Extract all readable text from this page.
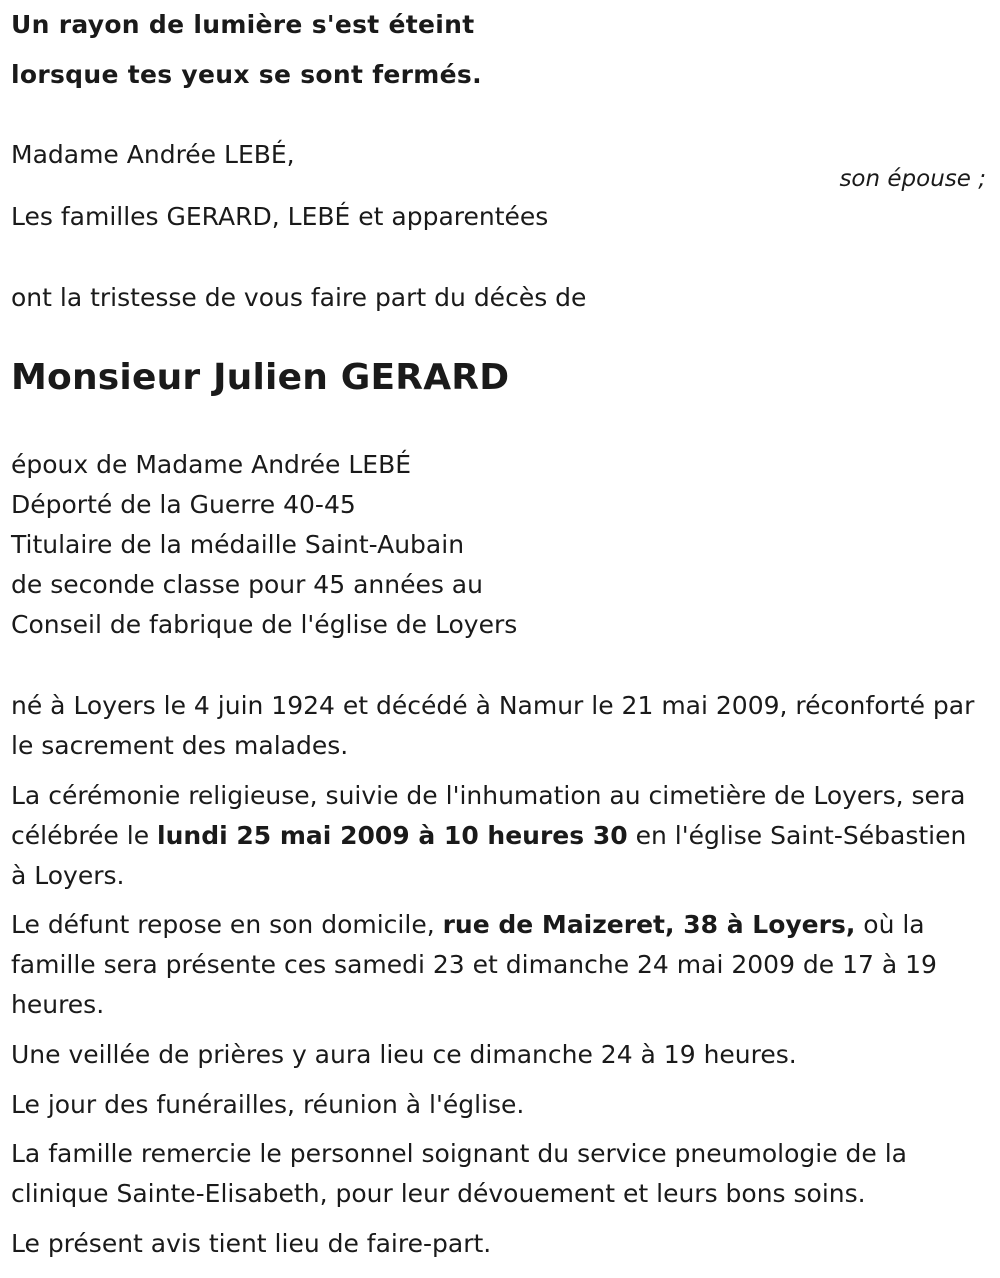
Un rayon de lumière s'est éteint
lorsque tes yeux se sont fermés.
Madame Andrée LEBÉ,
son épouse ;
Les familles GERARD, LEBÉ et apparentées
ont la tristesse de vous faire part du décès de
Monsieur Julien GERARD
époux de Madame Andrée LEBÉ
Déporté de la Guerre 40-45
Titulaire de la médaille Saint-Aubain
de seconde classe pour 45 années au
Conseil de fabrique de l'église de Loyers
né à Loyers le 4 juin 1924 et décédé à Namur le 21 mai 2009, réconforté par le sacrement des malades.
La cérémonie religieuse, suivie de l'inhumation au cimetière de Loyers, sera célébrée le lundi 25 mai 2009 à 10 heures 30 en l'église Saint-Sébastien à Loyers.
Le défunt repose en son domicile, rue de Maizeret, 38 à Loyers, où la famille sera présente ces samedi 23 et dimanche 24 mai 2009 de 17 à 19 heures.
Une veillée de prières y aura lieu ce dimanche 24 à 19 heures.
Le jour des funérailles, réunion à l'église.
La famille remercie le personnel soignant du service pneumologie de la clinique Sainte-Elisabeth, pour leur dévouement et leurs bons soins.
Le présent avis tient lieu de faire-part.
